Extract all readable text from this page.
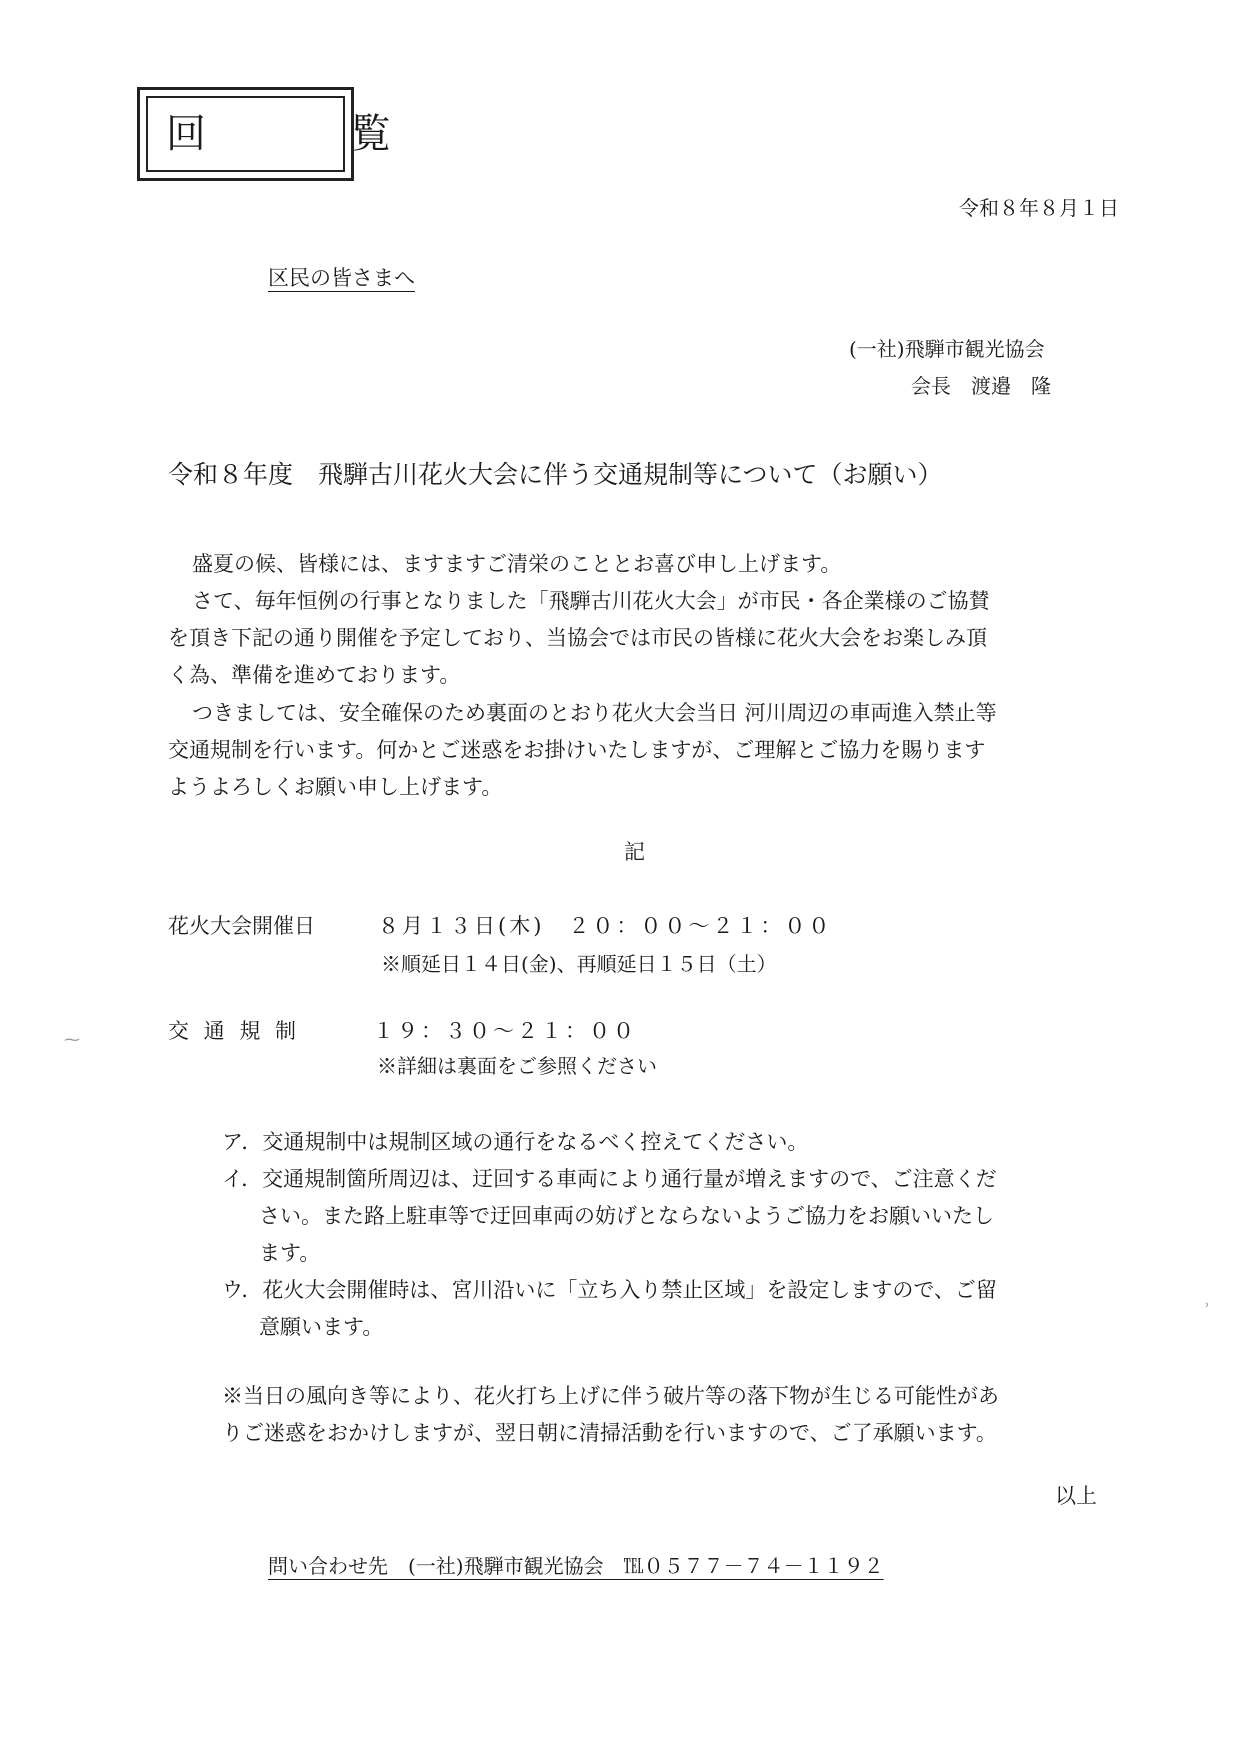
回 覧
令和８年８月１日
区民の皆さまへ
(一社)飛騨市観光協会
会長　渡邉　隆
令和８年度　飛騨古川花火大会に伴う交通規制等について（お願い）
盛夏の候、皆様には、ますますご清栄のこととお喜び申し上げます。
さて、毎年恒例の行事となりました「飛騨古川花火大会」が市民・各企業様のご協賛
を頂き下記の通り開催を予定しており、当協会では市民の皆様に花火大会をお楽しみ頂
く為、準備を進めております。
つきましては、安全確保のため裏面のとおり花火大会当日 河川周辺の車両進入禁止等
交通規制を行います。何かとご迷惑をお掛けいたしますが、ご理解とご協力を賜ります
ようよろしくお願い申し上げます。
記
花火大会開催日	８月１３日(木)　２０：００～２１：００
※順延日１４日(金)、再順延日１５日（土）
交 通 規 制	１９：３０～２１：００
※詳細は裏面をご参照ください
ア．交通規制中は規制区域の通行をなるべく控えてください。
イ．交通規制箇所周辺は、迂回する車両により通行量が増えますので、ご注意くだ
さい。また路上駐車等で迂回車両の妨げとならないようご協力をお願いいたし
ます。
ウ．花火大会開催時は、宮川沿いに「立ち入り禁止区域」を設定しますので、ご留
意願います。
※当日の風向き等により、花火打ち上げに伴う破片等の落下物が生じる可能性があ
りご迷惑をおかけしますが、翌日朝に清掃活動を行いますので、ご了承願います。
以上
問い合わせ先　(一社)飛騨市観光協会　℡０５７７－７４－１１９２
⁓
ʾ
